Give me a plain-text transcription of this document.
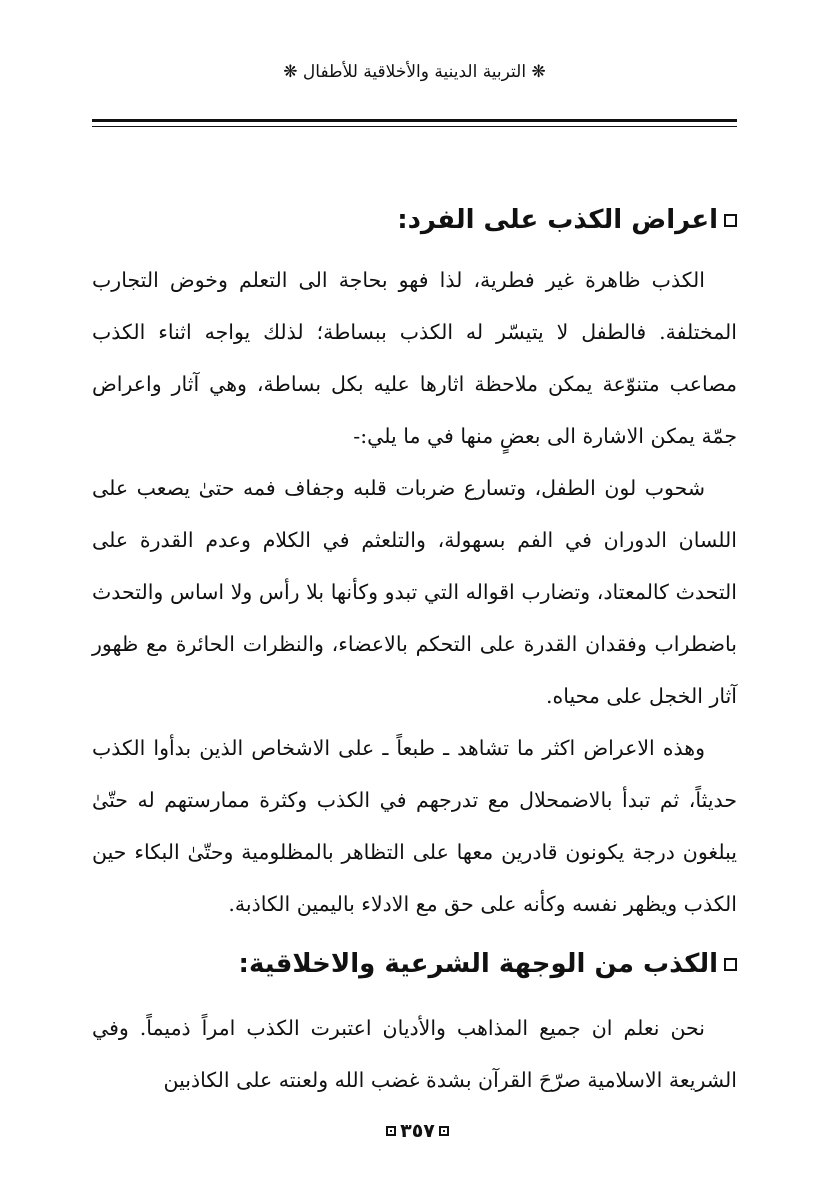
❋ التربية الدينية والأخلاقية للأطفال ❋
اعراض الكذب على الفرد:

الكذب ظاهرة غير فطرية، لذا فهو بحاجة الى التعلم وخوض التجارب المختلفة. فالطفل لا يتيسّر له الكذب ببساطة؛ لذلك يواجه اثناء الكذب مصاعب متنوّعة يمكن ملاحظة اثارها عليه بكل بساطة، وهي آثار واعراض جمّة يمكن الاشارة الى بعضٍ منها في ما يلي:-

شحوب لون الطفل، وتسارع ضربات قلبه وجفاف فمه حتىٰ يصعب على اللسان الدوران في الفم بسهولة، والتلعثم في الكلام وعدم القدرة على التحدث كالمعتاد، وتضارب اقواله التي تبدو وكأنها بلا رأس ولا اساس والتحدث باضطراب وفقدان القدرة على التحكم بالاعضاء، والنظرات الحائرة مع ظهور آثار الخجل على محياه.

وهذه الاعراض اكثر ما تشاهد ـ طبعاً ـ على الاشخاص الذين بدأوا الكذب حديثاً، ثم تبدأ بالاضمحلال مع تدرجهم في الكذب وكثرة ممارستهم له حتّىٰ يبلغون درجة يكونون قادرين معها على التظاهر بالمظلومية وحتّىٰ البكاء حين الكذب ويظهر نفسه وكأنه على حق مع الادلاء باليمين الكاذبة.

الكذب من الوجهة الشرعية والاخلاقية:

نحن نعلم ان جميع المذاهب والأديان اعتبرت الكذب امراً ذميماً. وفي الشريعة الاسلامية صرّحَ القرآن بشدة غضب الله ولعنته على الكاذبين

٣٥٧
